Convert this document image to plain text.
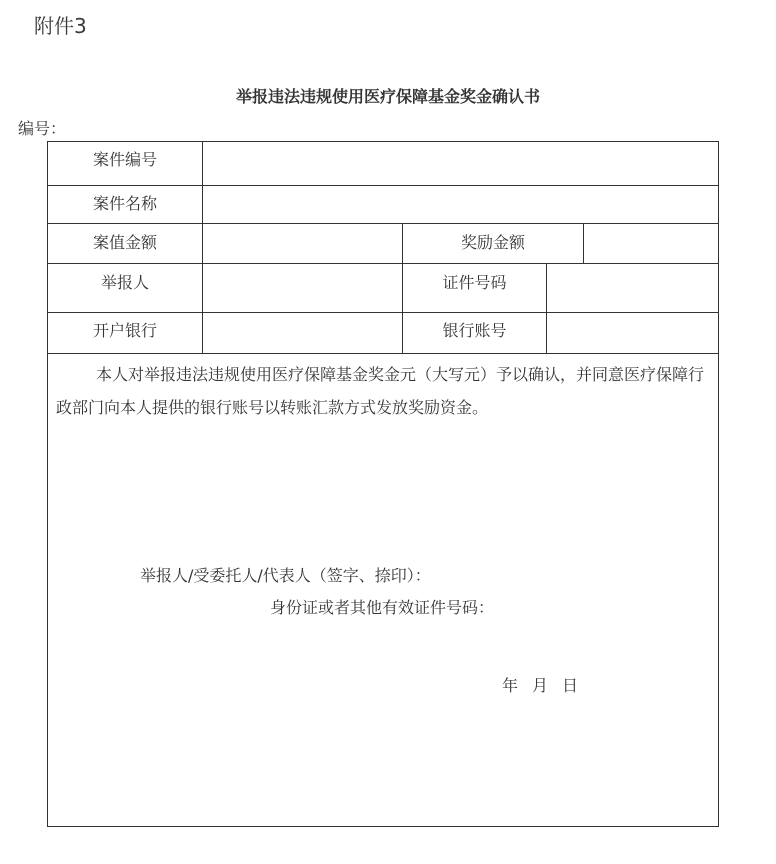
附件3
举报违法违规使用医疗保障基金奖金确认书
编号：
案件编号
案件名称
案值金额	奖励金额
举报人	证件号码
开户银行	银行账号
本人对举报违法违规使用医疗保障基金奖金元（大写元）予以确认，并同意医疗保障行政部门向本人提供的银行账号以转账汇款方式发放奖励资金。
举报人/受委托人/代表人（签字、捺印）：
身份证或者其他有效证件号码：
年 月 日
